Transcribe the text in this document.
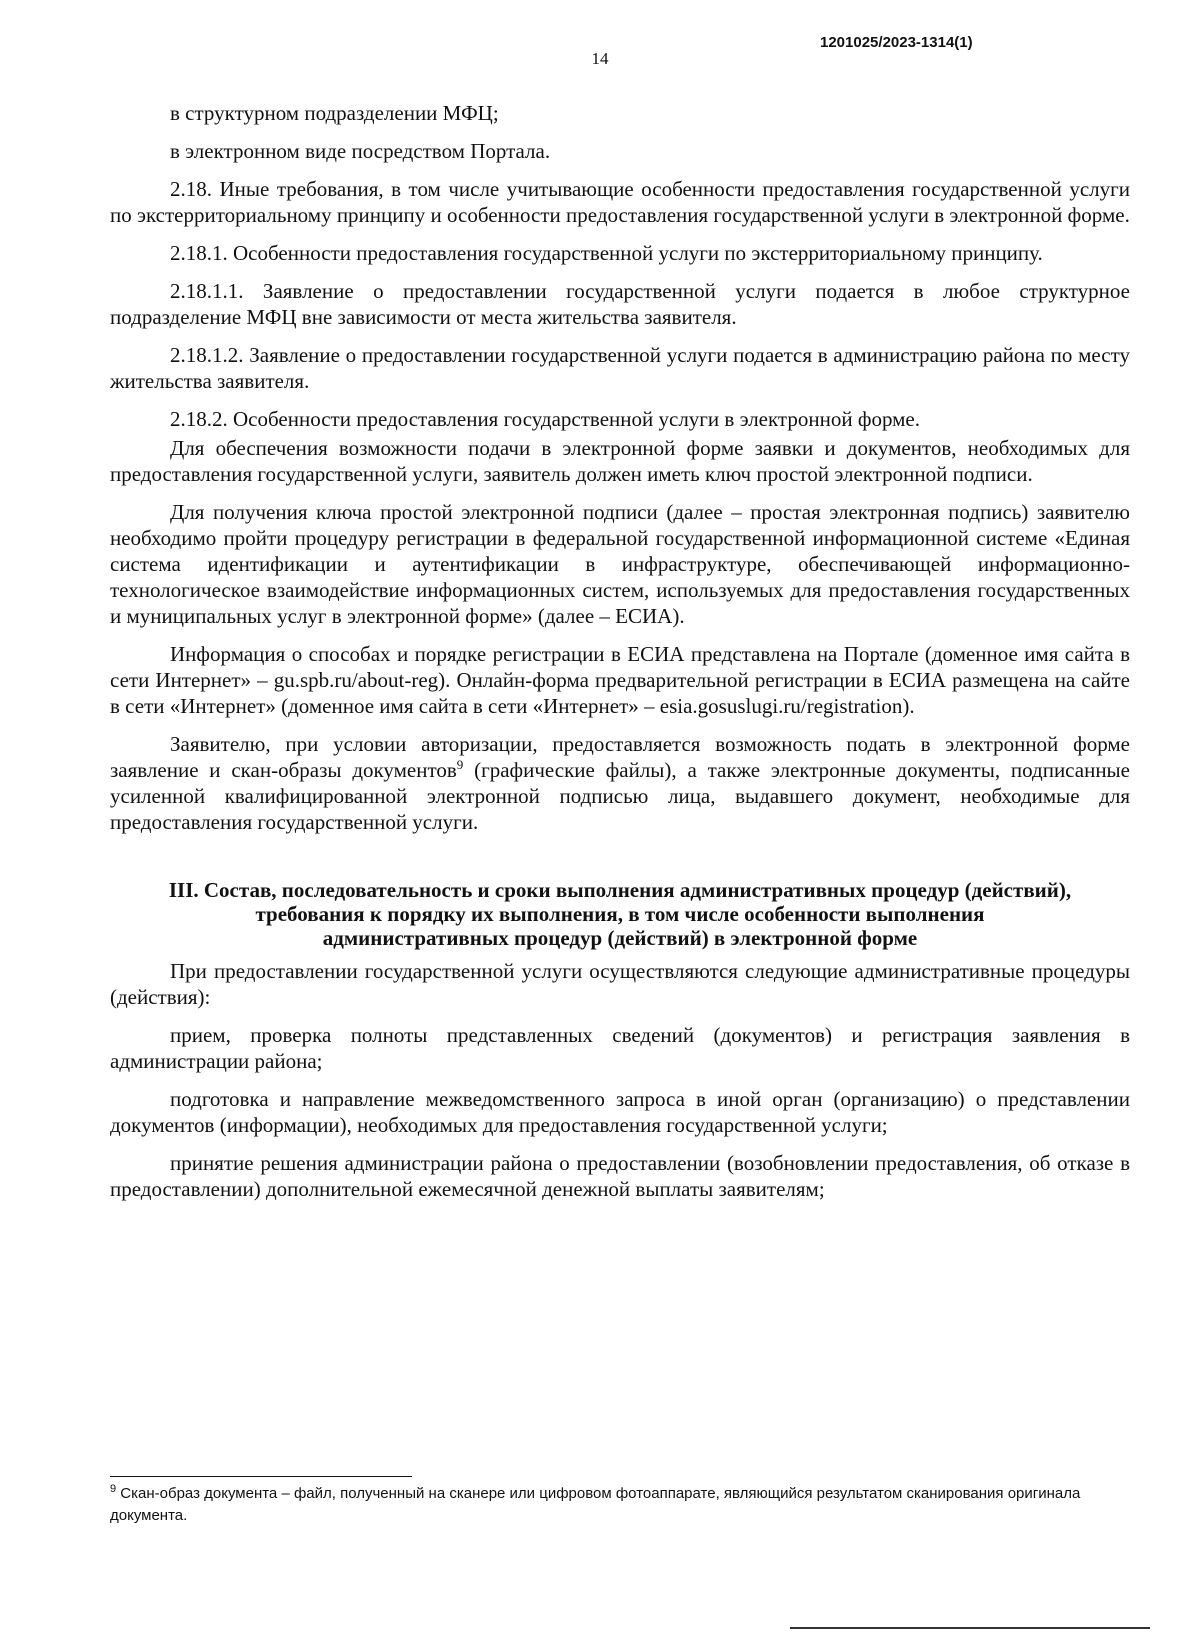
1201025/2023-1314(1)
14

в структурном подразделении МФЦ;

в электронном виде посредством Портала.

2.18. Иные требования, в том числе учитывающие особенности предоставления государственной услуги по экстерриториальному принципу и особенности предоставления государственной услуги в электронной форме.

2.18.1. Особенности предоставления государственной услуги по экстерриториальному принципу.

2.18.1.1. Заявление о предоставлении государственной услуги подается в любое структурное подразделение МФЦ вне зависимости от места жительства заявителя.

2.18.1.2. Заявление о предоставлении государственной услуги подается в администрацию района по месту жительства заявителя.

2.18.2. Особенности предоставления государственной услуги в электронной форме.

Для обеспечения возможности подачи в электронной форме заявки и документов, необходимых для предоставления государственной услуги, заявитель должен иметь ключ простой электронной подписи.

Для получения ключа простой электронной подписи (далее – простая электронная подпись) заявителю необходимо пройти процедуру регистрации в федеральной государственной информационной системе «Единая система идентификации и аутентификации в инфраструктуре, обеспечивающей информационно-технологическое взаимодействие информационных систем, используемых для предоставления государственных и муниципальных услуг в электронной форме» (далее – ЕСИА).

Информация о способах и порядке регистрации в ЕСИА представлена на Портале (доменное имя сайта в сети Интернет» – gu.spb.ru/about-reg). Онлайн-форма предварительной регистрации в ЕСИА размещена на сайте в сети «Интернет» (доменное имя сайта в сети «Интернет» – esia.gosuslugi.ru/registration).

Заявителю, при условии авторизации, предоставляется возможность подать в электронной форме заявление и скан-образы документов$^9$ (графические файлы), а также электронные документы, подписанные усиленной квалифицированной электронной подписью лица, выдавшего документ, необходимые для предоставления государственной услуги.

III. Состав, последовательность и сроки выполнения административных процедур (действий), требования к порядку их выполнения, в том числе особенности выполнения административных процедур (действий) в электронной форме

При предоставлении государственной услуги осуществляются следующие административные процедуры (действия):

прием, проверка полноты представленных сведений (документов) и регистрация заявления в администрации района;

подготовка и направление межведомственного запроса в иной орган (организацию) о представлении документов (информации), необходимых для предоставления государственной услуги;

принятие решения администрации района о предоставлении (возобновлении предоставления, об отказе в предоставлении) дополнительной ежемесячной денежной выплаты заявителям;

$^9$ Скан-образ документа – файл, полученный на сканере или цифровом фотоаппарате, являющийся результатом сканирования оригинала документа.
